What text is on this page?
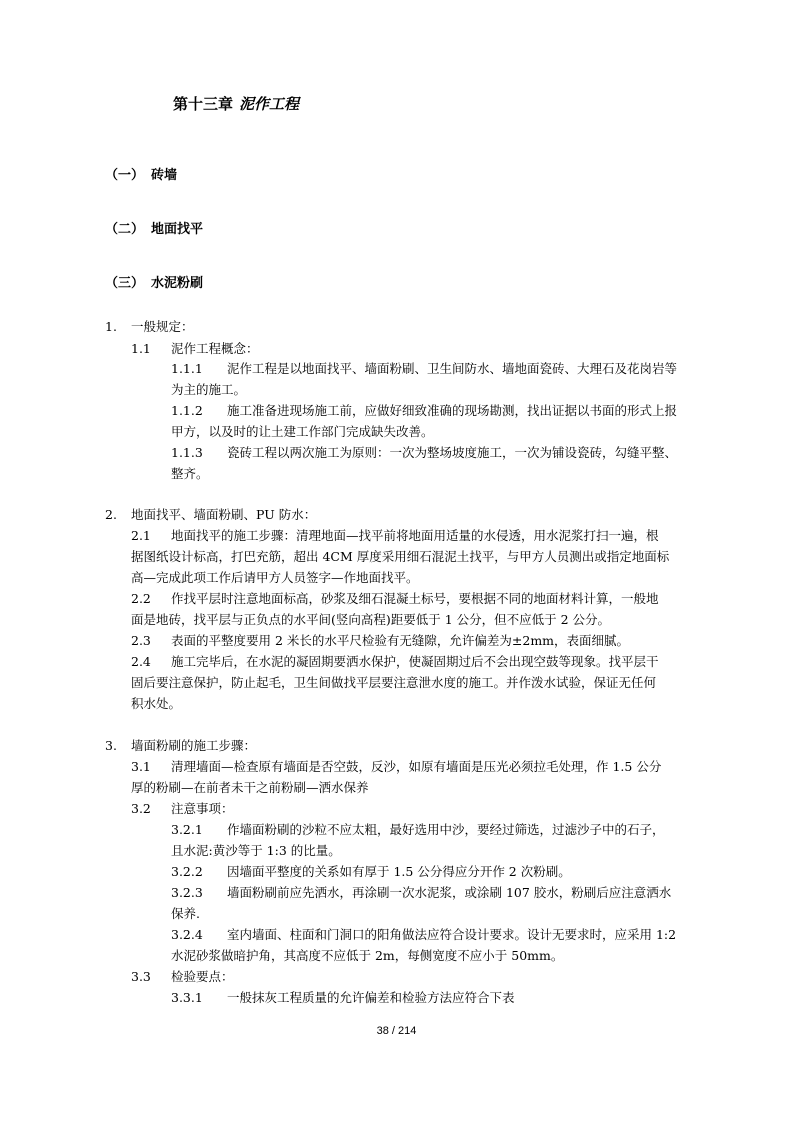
第十三章 泥作工程
（一） 砖墙
（二） 地面找平
（三） 水泥粉刷
1. 一般规定：
1.1 泥作工程概念：
1.1.1 泥作工程是以地面找平、墙面粉刷、卫生间防水、墙地面瓷砖、大理石及花岗岩等
为主的施工。
1.1.2 施工准备进现场施工前，应做好细致准确的现场勘测，找出证据以书面的形式上报
甲方，以及时的让土建工作部门完成缺失改善。
1.1.3 瓷砖工程以两次施工为原则：一次为整场坡度施工，一次为铺设瓷砖，勾缝平整、
整齐。
2. 地面找平、墙面粉刷、PU 防水：
2.1 地面找平的施工步骤：清理地面—找平前将地面用适量的水侵透，用水泥浆打扫一遍，根
据图纸设计标高，打巴充筋，超出 4CM 厚度采用细石混泥土找平，与甲方人员测出或指定地面标
高—完成此项工作后请甲方人员签字—作地面找平。
2.2 作找平层时注意地面标高，砂浆及细石混凝土标号，要根据不同的地面材料计算，一般地
面是地砖，找平层与正负点的水平间(竖向高程)距要低于 1 公分，但不应低于 2 公分。
2.3 表面的平整度要用 2 米长的水平尺检验有无缝隙，允许偏差为±2mm，表面细腻。
2.4 施工完毕后，在水泥的凝固期要洒水保护，使凝固期过后不会出现空鼓等现象。找平层干
固后要注意保护，防止起毛，卫生间做找平层要注意泄水度的施工。并作泼水试验，保证无任何
积水处。
3. 墙面粉刷的施工步骤：
3.1 清理墙面—检查原有墙面是否空鼓，反沙，如原有墙面是压光必须拉毛处理，作 1.5 公分
厚的粉刷—在前者未干之前粉刷—洒水保养
3.2 注意事项：
3.2.1 作墙面粉刷的沙粒不应太粗，最好选用中沙，要经过筛选，过滤沙子中的石子，
且水泥:黄沙等于 1:3 的比量。
3.2.2 因墙面平整度的关系如有厚于 1.5 公分得应分开作 2 次粉刷。
3.2.3 墙面粉刷前应先洒水，再涂刷一次水泥浆，或涂刷 107 胶水，粉刷后应注意洒水
保养.
3.2.4 室内墙面、柱面和门洞口的阳角做法应符合设计要求。设计无要求时，应采用 1:2
水泥砂浆做暗护角，其高度不应低于 2m，每侧宽度不应小于 50mm。
3.3 检验要点：
3.3.1 一般抹灰工程质量的允许偏差和检验方法应符合下表
38 / 214
